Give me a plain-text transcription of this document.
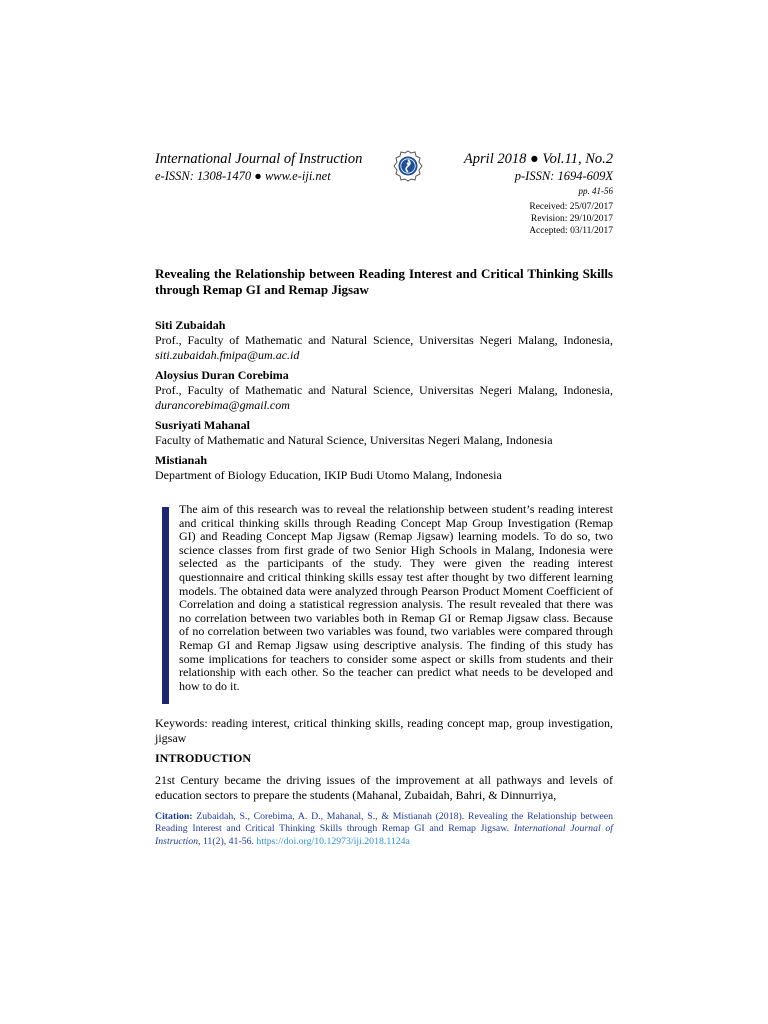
International Journal of Instruction
e-ISSN: 1308-1470 ● www.e-iji.net
April 2018 ● Vol.11, No.2
p-ISSN: 1694-609X
pp. 41-56
Received: 25/07/2017
Revision: 29/10/2017
Accepted: 03/11/2017
Revealing the Relationship between Reading Interest and Critical Thinking Skills through Remap GI and Remap Jigsaw
Siti Zubaidah
Prof., Faculty of Mathematic and Natural Science, Universitas Negeri Malang, Indonesia, siti.zubaidah.fmipa@um.ac.id
Aloysius Duran Corebima
Prof., Faculty of Mathematic and Natural Science, Universitas Negeri Malang, Indonesia, durancorebima@gmail.com
Susriyati Mahanal
Faculty of Mathematic and Natural Science, Universitas Negeri Malang, Indonesia
Mistianah
Department of Biology Education, IKIP Budi Utomo Malang, Indonesia
The aim of this research was to reveal the relationship between student’s reading interest and critical thinking skills through Reading Concept Map Group Investigation (Remap GI) and Reading Concept Map Jigsaw (Remap Jigsaw) learning models. To do so, two science classes from first grade of two Senior High Schools in Malang, Indonesia were selected as the participants of the study. They were given the reading interest questionnaire and critical thinking skills essay test after thought by two different learning models. The obtained data were analyzed through Pearson Product Moment Coefficient of Correlation and doing a statistical regression analysis. The result revealed that there was no correlation between two variables both in Remap GI or Remap Jigsaw class. Because of no correlation between two variables was found, two variables were compared through Remap GI and Remap Jigsaw using descriptive analysis. The finding of this study has some implications for teachers to consider some aspect or skills from students and their relationship with each other. So the teacher can predict what needs to be developed and how to do it.
Keywords: reading interest, critical thinking skills, reading concept map, group investigation, jigsaw
INTRODUCTION
21st Century became the driving issues of the improvement at all pathways and levels of education sectors to prepare the students (Mahanal, Zubaidah, Bahri, & Dinnurriya,
Citation: Zubaidah, S., Corebima, A. D., Mahanal, S., & Mistianah (2018). Revealing the Relationship between Reading Interest and Critical Thinking Skills through Remap GI and Remap Jigsaw. International Journal of Instruction, 11(2), 41-56. https://doi.org/10.12973/iji.2018.1124a
